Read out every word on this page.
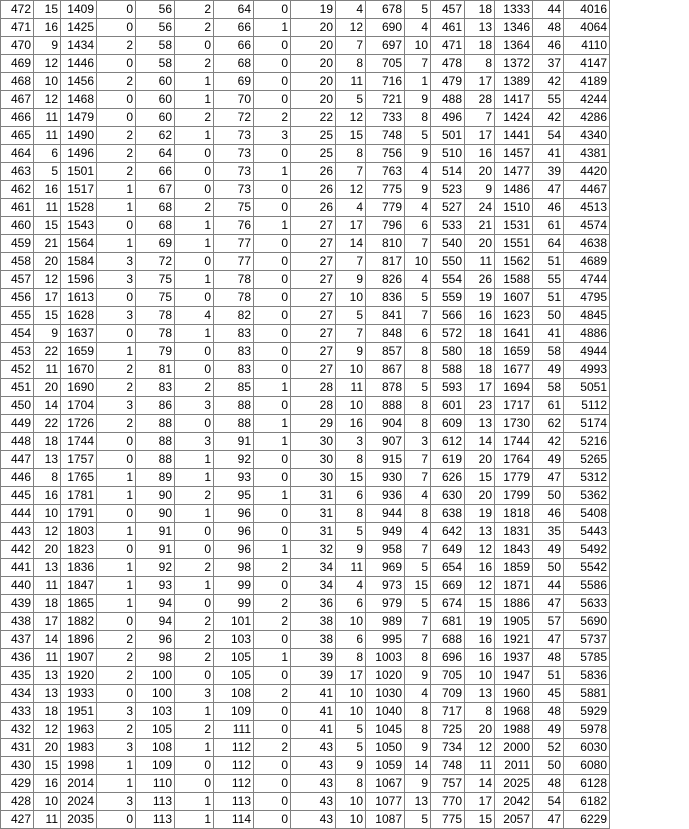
472	15	1409	0	56	2	64	0	19	4	678	5	457	18	1333	44	4016
471	16	1425	0	56	2	66	1	20	12	690	4	461	13	1346	48	4064
470	9	1434	2	58	0	66	0	20	7	697	10	471	18	1364	46	4110
469	12	1446	0	58	2	68	0	20	8	705	7	478	8	1372	37	4147
468	10	1456	2	60	1	69	0	20	11	716	1	479	17	1389	42	4189
467	12	1468	0	60	1	70	0	20	5	721	9	488	28	1417	55	4244
466	11	1479	0	60	2	72	2	22	12	733	8	496	7	1424	42	4286
465	11	1490	2	62	1	73	3	25	15	748	5	501	17	1441	54	4340
464	6	1496	2	64	0	73	0	25	8	756	9	510	16	1457	41	4381
463	5	1501	2	66	0	73	1	26	7	763	4	514	20	1477	39	4420
462	16	1517	1	67	0	73	0	26	12	775	9	523	9	1486	47	4467
461	11	1528	1	68	2	75	0	26	4	779	4	527	24	1510	46	4513
460	15	1543	0	68	1	76	1	27	17	796	6	533	21	1531	61	4574
459	21	1564	1	69	1	77	0	27	14	810	7	540	20	1551	64	4638
458	20	1584	3	72	0	77	0	27	7	817	10	550	11	1562	51	4689
457	12	1596	3	75	1	78	0	27	9	826	4	554	26	1588	55	4744
456	17	1613	0	75	0	78	0	27	10	836	5	559	19	1607	51	4795
455	15	1628	3	78	4	82	0	27	5	841	7	566	16	1623	50	4845
454	9	1637	0	78	1	83	0	27	7	848	6	572	18	1641	41	4886
453	22	1659	1	79	0	83	0	27	9	857	8	580	18	1659	58	4944
452	11	1670	2	81	0	83	0	27	10	867	8	588	18	1677	49	4993
451	20	1690	2	83	2	85	1	28	11	878	5	593	17	1694	58	5051
450	14	1704	3	86	3	88	0	28	10	888	8	601	23	1717	61	5112
449	22	1726	2	88	0	88	1	29	16	904	8	609	13	1730	62	5174
448	18	1744	0	88	3	91	1	30	3	907	3	612	14	1744	42	5216
447	13	1757	0	88	1	92	0	30	8	915	7	619	20	1764	49	5265
446	8	1765	1	89	1	93	0	30	15	930	7	626	15	1779	47	5312
445	16	1781	1	90	2	95	1	31	6	936	4	630	20	1799	50	5362
444	10	1791	0	90	1	96	0	31	8	944	8	638	19	1818	46	5408
443	12	1803	1	91	0	96	0	31	5	949	4	642	13	1831	35	5443
442	20	1823	0	91	0	96	1	32	9	958	7	649	12	1843	49	5492
441	13	1836	1	92	2	98	2	34	11	969	5	654	16	1859	50	5542
440	11	1847	1	93	1	99	0	34	4	973	15	669	12	1871	44	5586
439	18	1865	1	94	0	99	2	36	6	979	5	674	15	1886	47	5633
438	17	1882	0	94	2	101	2	38	10	989	7	681	19	1905	57	5690
437	14	1896	2	96	2	103	0	38	6	995	7	688	16	1921	47	5737
436	11	1907	2	98	2	105	1	39	8	1003	8	696	16	1937	48	5785
435	13	1920	2	100	0	105	0	39	17	1020	9	705	10	1947	51	5836
434	13	1933	0	100	3	108	2	41	10	1030	4	709	13	1960	45	5881
433	18	1951	3	103	1	109	0	41	10	1040	8	717	8	1968	48	5929
432	12	1963	2	105	2	111	0	41	5	1045	8	725	20	1988	49	5978
431	20	1983	3	108	1	112	2	43	5	1050	9	734	12	2000	52	6030
430	15	1998	1	109	0	112	0	43	9	1059	14	748	11	2011	50	6080
429	16	2014	1	110	0	112	0	43	8	1067	9	757	14	2025	48	6128
428	10	2024	3	113	1	113	0	43	10	1077	13	770	17	2042	54	6182
427	11	2035	0	113	1	114	0	43	10	1087	5	775	15	2057	47	6229
